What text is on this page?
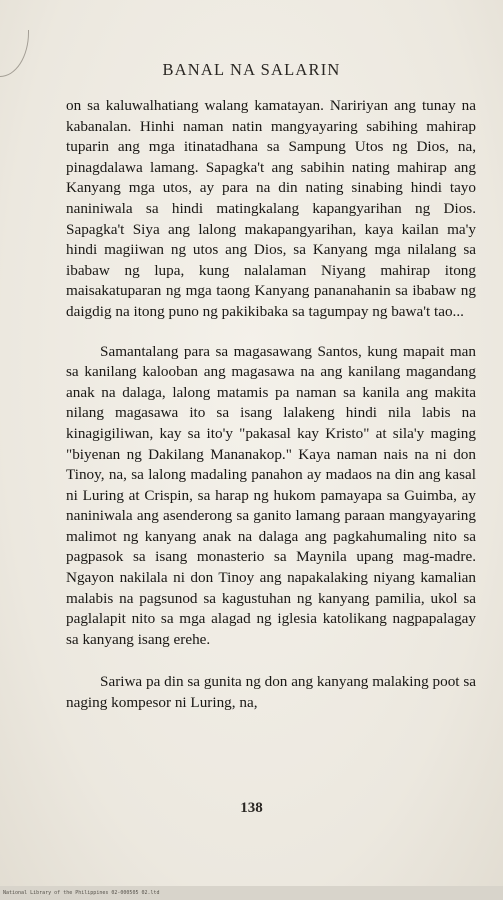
BANAL NA SALARIN

on sa kaluwalhatiang walang kamatayan. Naririyan ang tunay na kabanalan. Hinhi naman natin mangyayaring sabihing mahirap tuparin ang mga itinatadhana sa Sampung Utos ng Dios, na, pinagdalawa lamang. Sapagka't ang sabihin nating mahirap ang Kanyang mga utos, ay para na din nating sinabing hindi tayo naniniwala sa hindi matingkalang kapangyarihan ng Dios. Sapagka't Siya ang lalong makapangyarihan, kaya kailan ma'y hindi magiiwan ng utos ang Dios, sa Kanyang mga nilalang sa ibabaw ng lupa, kung nalalaman Niyang mahirap itong maisakatuparan ng mga taong Kanyang pananahanin sa ibabaw ng daigdig na itong puno ng pakikibaka sa tagumpay ng bawa't tao...

Samantalang para sa magasawang Santos, kung mapait man sa kanilang kalooban ang magasawa na ang kanilang magandang anak na dalaga, lalong matamis pa naman sa kanila ang makita nilang magasawa ito sa isang lalakeng hindi nila labis na kinagigiliwan, kay sa ito'y "pakasal kay Kristo" at sila'y maging "biyenan ng Dakilang Mananakop." Kaya naman nais na ni don Tinoy, na, sa lalong madaling panahon ay madaos na din ang kasal ni Luring at Crispin, sa harap ng hukom pamayapa sa Guimba, ay naniniwala ang asenderong sa ganito lamang paraan mangyayaring malimot ng kanyang anak na dalaga ang pagkahumaling nito sa pagpasok sa isang monasterio sa Maynila upang mag-madre. Ngayon nakilala ni don Tinoy ang napakalaking niyang kamalian malabis na pagsunod sa kagustuhan ng kanyang pamilia, ukol sa paglalapit nito sa mga alagad ng iglesia katolikang nagpapalagay sa kanyang isang erehe.

Sariwa pa din sa gunita ng don ang kanyang malaking poot sa naging kompesor ni Luring, na,

138
National Library of the Philippines 02-000505 02.ltd
